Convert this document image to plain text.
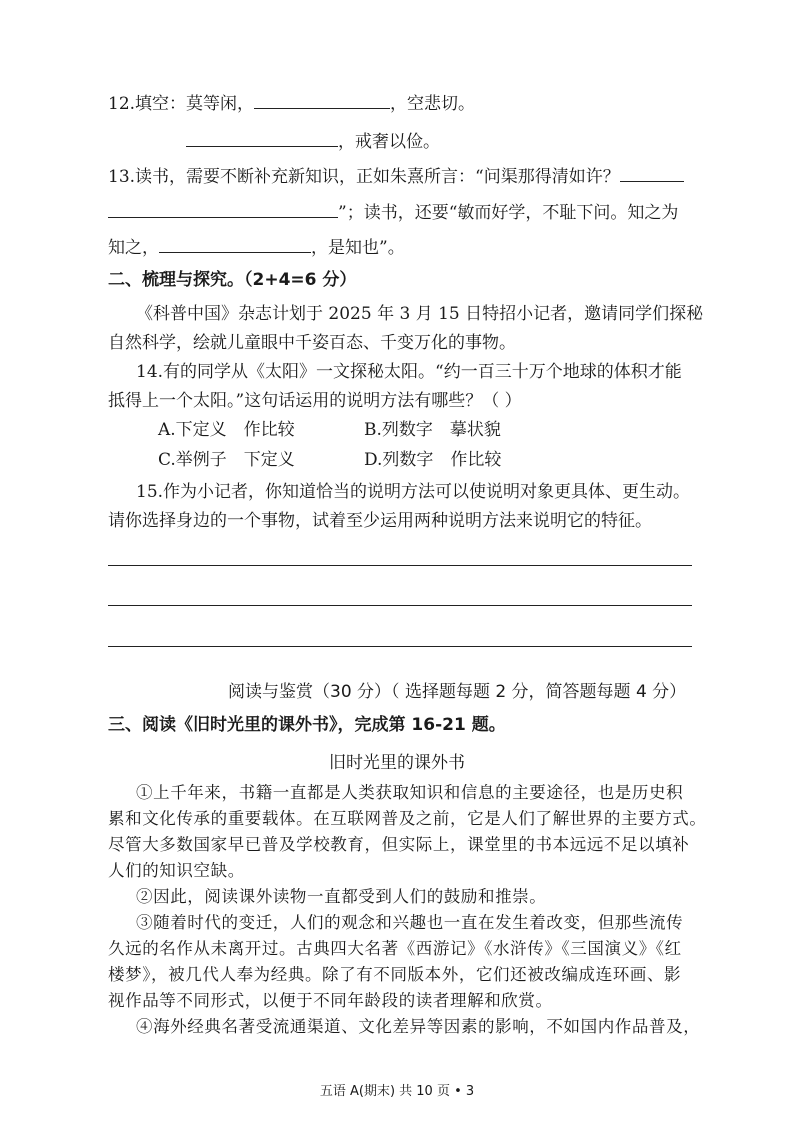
12.填空：莫等闲，	，空悲切。
，戒奢以俭。
13.读书，需要不断补充新知识，正如朱熹所言：“问渠那得清如许？
”；读书，还要“敏而好学，不耻下问。知之为
知之，	，是知也”。
二、梳理与探究。（2+4=6 分）
《科普中国》杂志计划于 2025 年 3 月 15 日特招小记者，邀请同学们探秘
自然科学，绘就儿童眼中千姿百态、千变万化的事物。
14.有的同学从《太阳》一文探秘太阳。“约一百三十万个地球的体积才能
抵得上一个太阳。”这句话运用的说明方法有哪些？（ ）
A.下定义　作比较	B.列数字　摹状貌
C.举例子　下定义	D.列数字　作比较
15.作为小记者，你知道恰当的说明方法可以使说明对象更具体、更生动。
请你选择身边的一个事物，试着至少运用两种说明方法来说明它的特征。
阅读与鉴赏（30 分）（ 选择题每题 2 分，简答题每题 4 分）
三、阅读《旧时光里的课外书》，完成第 16-21 题。
旧时光里的课外书
①上千年来，书籍一直都是人类获取知识和信息的主要途径，也是历史积
累和文化传承的重要载体。在互联网普及之前，它是人们了解世界的主要方式。
尽管大多数国家早已普及学校教育，但实际上，课堂里的书本远远不足以填补
人们的知识空缺。
②因此，阅读课外读物一直都受到人们的鼓励和推崇。
③随着时代的变迁，人们的观念和兴趣也一直在发生着改变，但那些流传
久远的名作从未离开过。古典四大名著《西游记》《水浒传》《三国演义》《红
楼梦》，被几代人奉为经典。除了有不同版本外，它们还被改编成连环画、影
视作品等不同形式，以便于不同年龄段的读者理解和欣赏。
④海外经典名著受流通渠道、文化差异等因素的影响，不如国内作品普及，
五语 A(期末) 共 10 页 • 3
